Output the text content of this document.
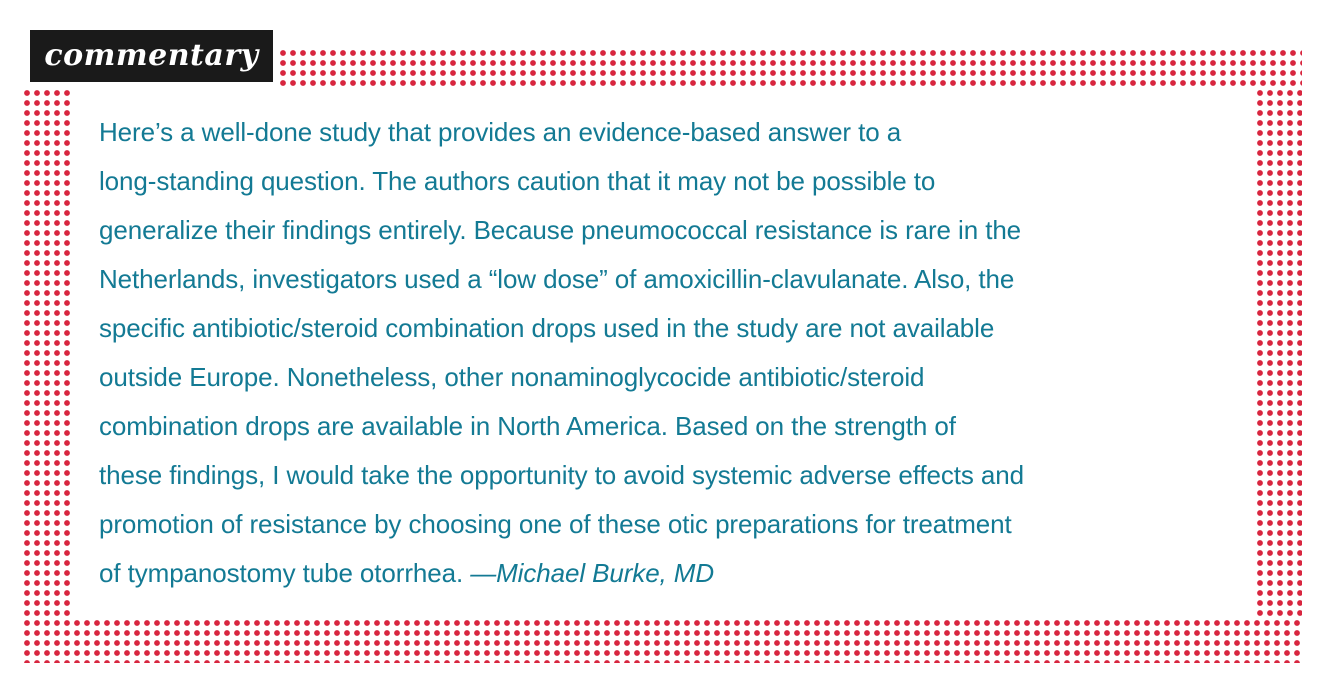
commentary
Here’s a well-done study that provides an evidence-based answer to a
long-standing question. The authors caution that it may not be possible to
generalize their findings entirely. Because pneumococcal resistance is rare in the
Netherlands, investigators used a “low dose” of amoxicillin-clavulanate. Also, the
specific antibiotic/steroid combination drops used in the study are not available
outside Europe. Nonetheless, other nonaminoglycocide antibiotic/steroid
combination drops are available in North America. Based on the strength of
these findings, I would take the opportunity to avoid systemic adverse effects and
promotion of resistance by choosing one of these otic preparations for treatment
of tympanostomy tube otorrhea. —Michael Burke, MD
